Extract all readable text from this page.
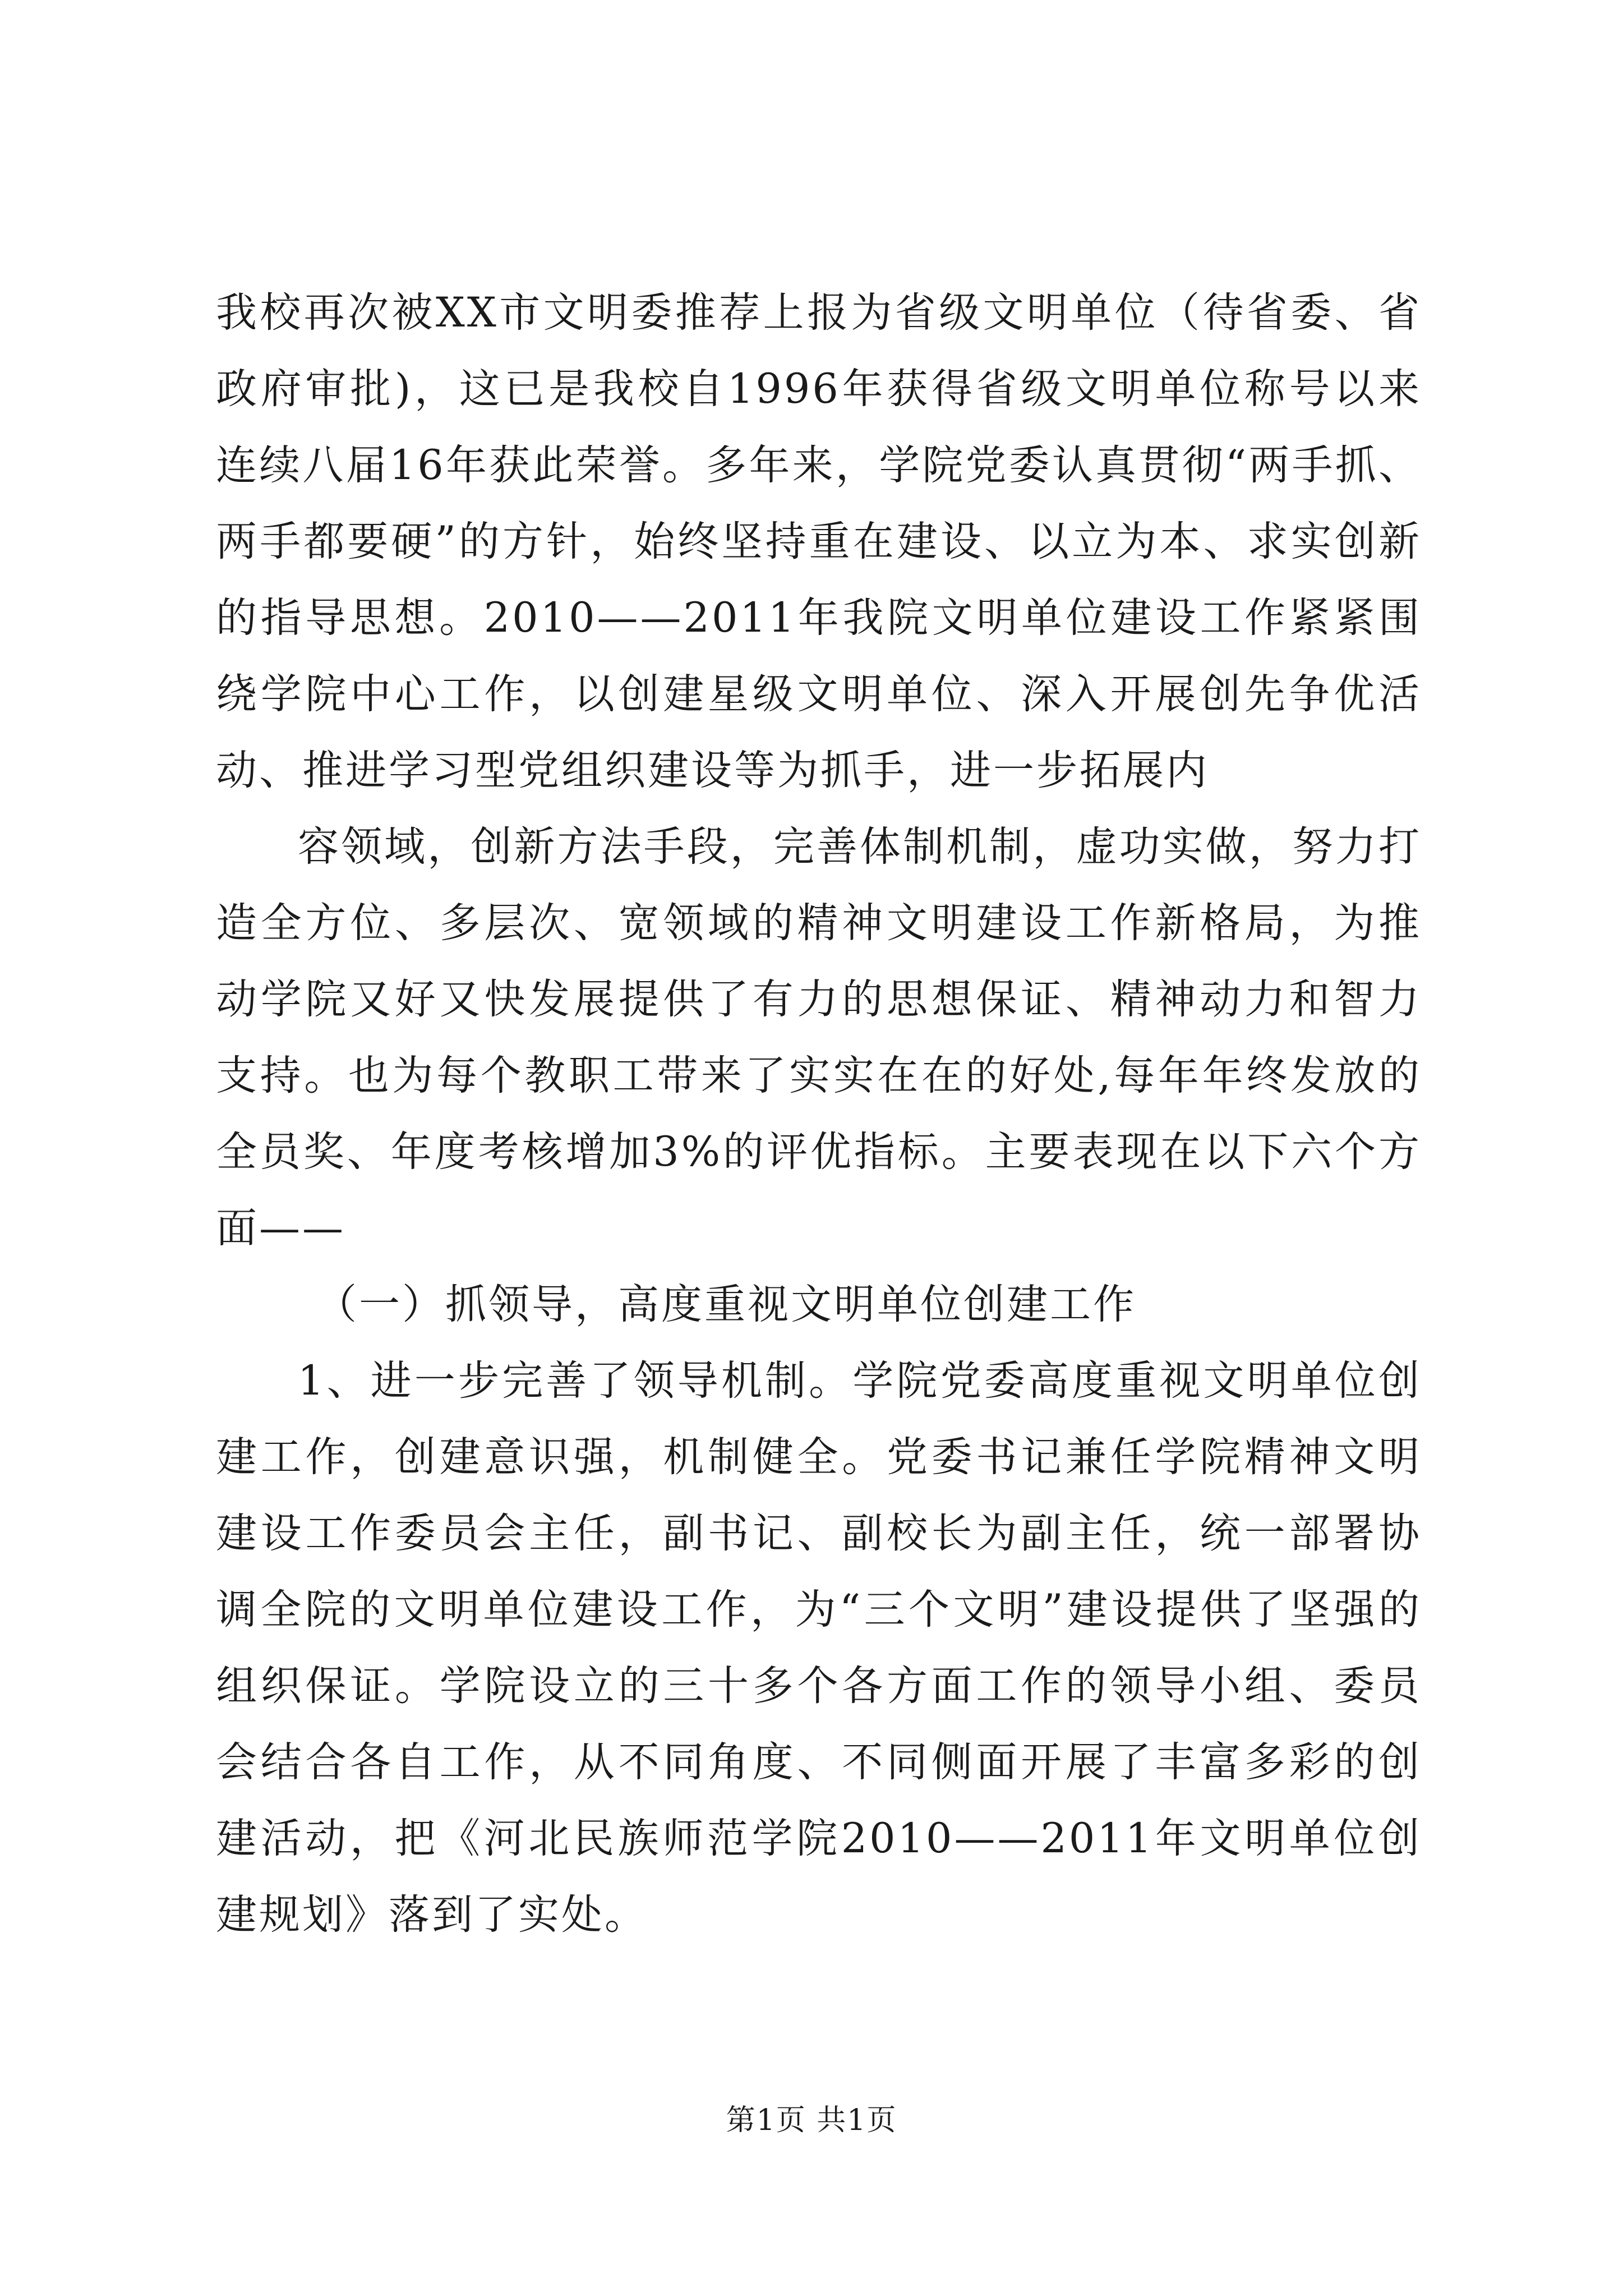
我校再次被XX市文明委推荐上报为省级文明单位（待省委、省政府审批)，这已是我校自1996年获得省级文明单位称号以来连续八届16年获此荣誉。多年来，学院党委认真贯彻“两手抓、两手都要硬”的方针，始终坚持重在建设、以立为本、求实创新的指导思想。2010——2011年我院文明单位建设工作紧紧围绕学院中心工作，以创建星级文明单位、深入开展创先争优活动、推进学习型党组织建设等为抓手，进一步拓展内

容领域，创新方法手段，完善体制机制，虚功实做，努力打造全方位、多层次、宽领域的精神文明建设工作新格局，为推动学院又好又快发展提供了有力的思想保证、精神动力和智力支持。也为每个教职工带来了实实在在的好处,每年年终发放的全员奖、年度考核增加3%的评优指标。主要表现在以下六个方面——

（一）抓领导，高度重视文明单位创建工作

1、进一步完善了领导机制。学院党委高度重视文明单位创建工作，创建意识强，机制健全。党委书记兼任学院精神文明建设工作委员会主任，副书记、副校长为副主任，统一部署协调全院的文明单位建设工作，为“三个文明”建设提供了坚强的组织保证。学院设立的三十多个各方面工作的领导小组、委员会结合各自工作，从不同角度、不同侧面开展了丰富多彩的创建活动，把《河北民族师范学院2010——2011年文明单位创建规划》落到了实处。

第1页 共1页
